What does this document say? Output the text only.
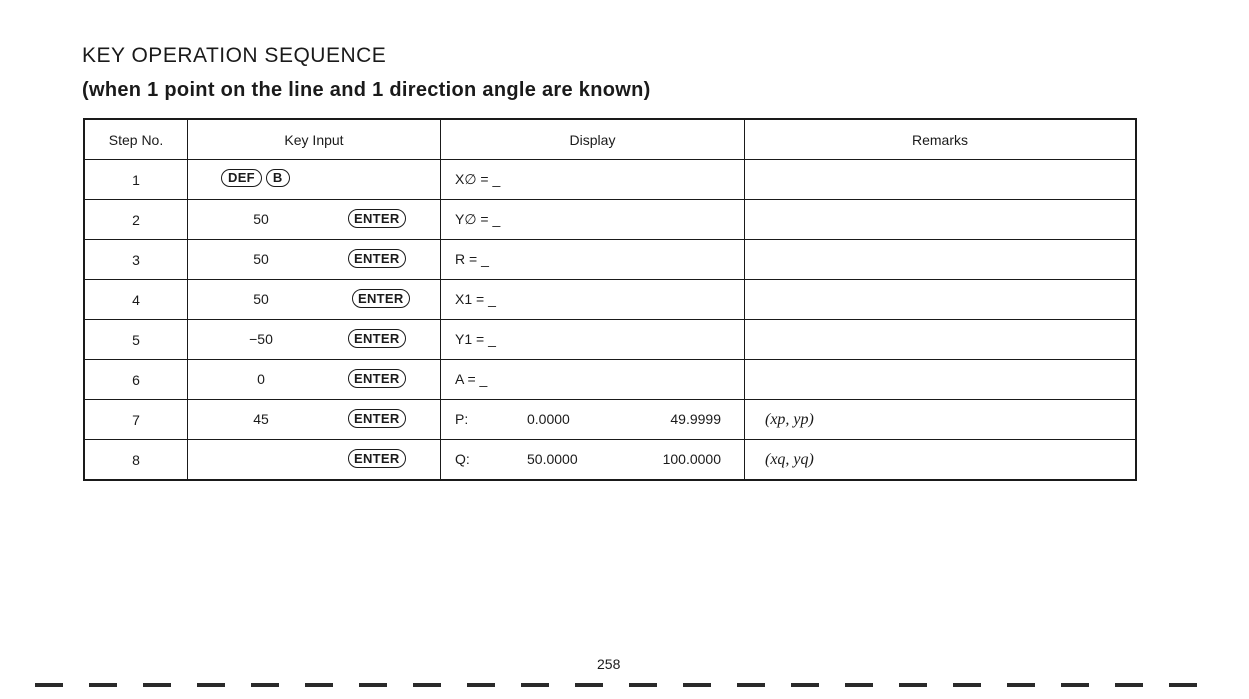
KEY OPERATION SEQUENCE
(when 1 point on the line and 1 direction angle are known)
Step No.	Key Input	Display	Remarks
1	DEF B	X∅ = _	

2	50 ENTER	Y∅ = _	

3	50 ENTER	R = _	

4	50 ENTER	X1 = _	

5	−50 ENTER	Y1 = _	

6	0 ENTER	A = _	

7	45 ENTER	P: 0.0000 49.9999	(xp, yp)
8	ENTER	Q: 50.0000 100.0000	(xq, yq)
258
